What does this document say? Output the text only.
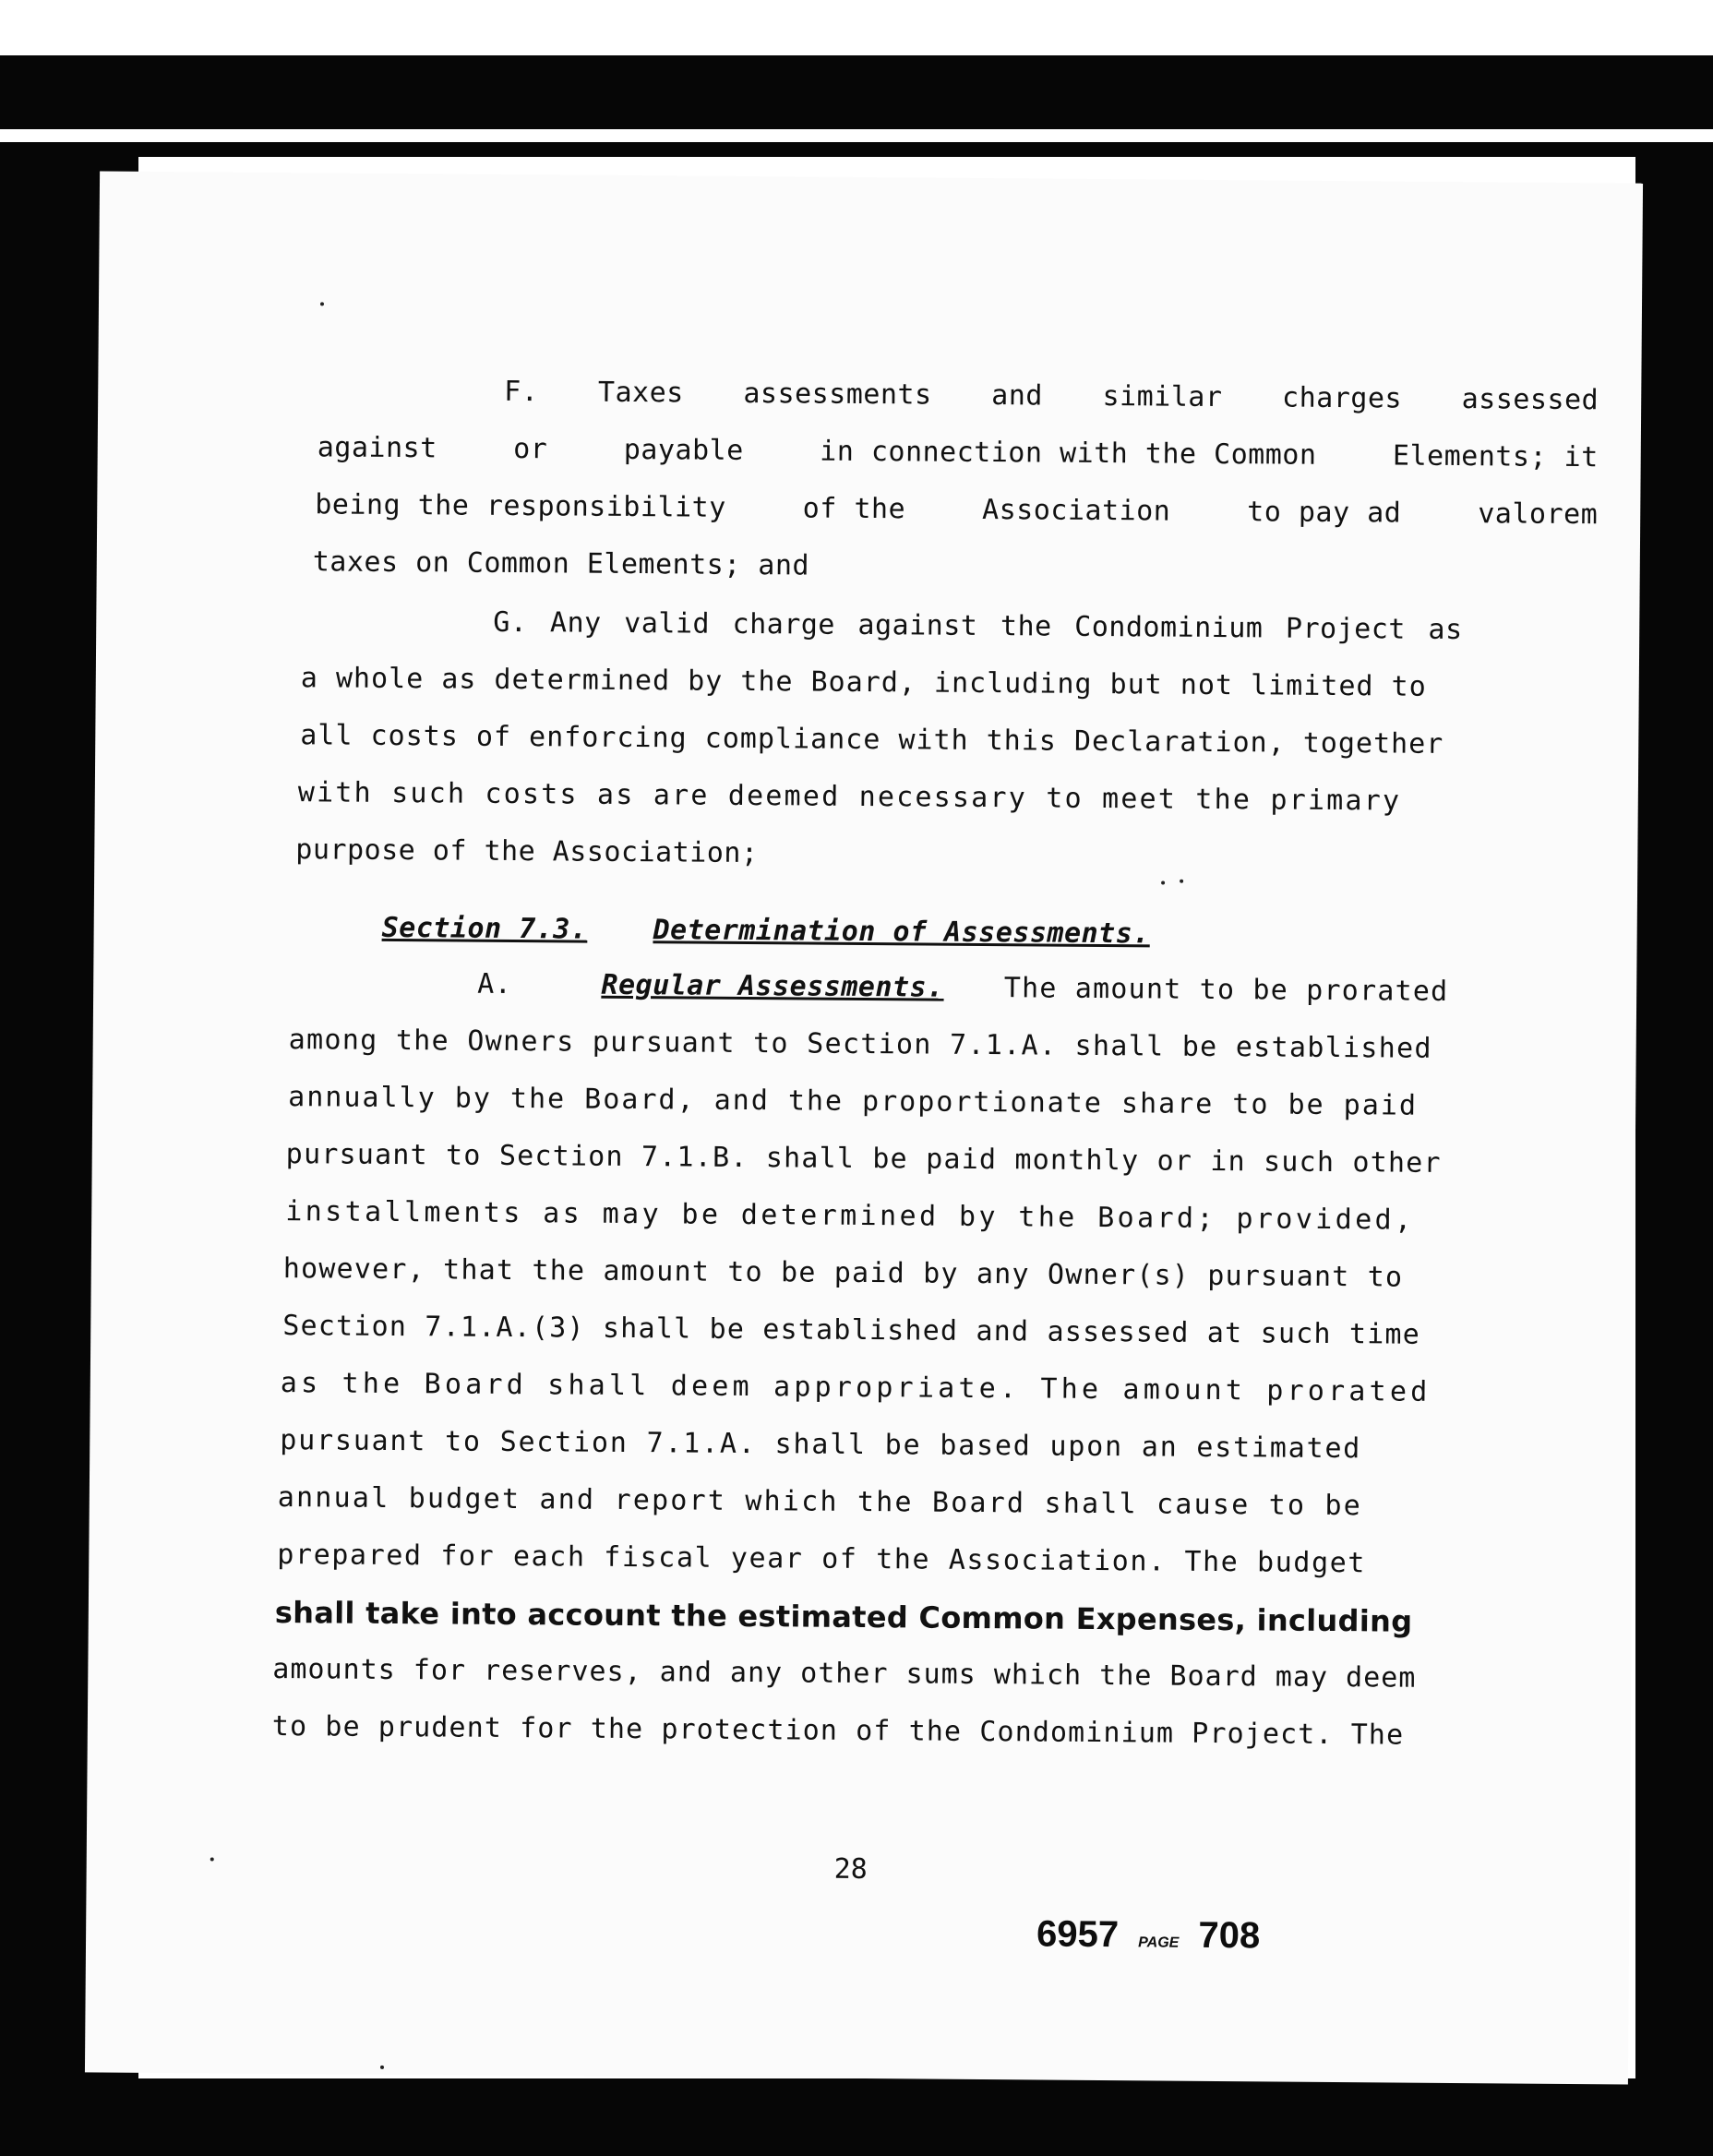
F. Taxes assessments and similar charges assessed
against	or	payable	in connection with the Common	Elements; it
being the responsibility	of the	Association	to pay ad	valorem
taxes on Common Elements; and
G. Any valid charge against the Condominium Project as
a whole as determined by the Board, including but not limited to
all costs of enforcing compliance with this Declaration, together
with such costs as are deemed necessary to meet the primary
purpose of the Association;
Section 7.3. Determination of Assessments.
A.	Regular Assessments. The amount to be prorated
among the Owners pursuant to Section 7.1.A. shall be established
annually by the Board, and the proportionate share to be paid
pursuant to Section 7.1.B. shall be paid monthly or in such other
installments as may be determined by the Board; provided,
however, that the amount to be paid by any Owner(s) pursuant to
Section 7.1.A.(3) shall be established and assessed at such time
as the Board shall deem appropriate. The amount prorated
pursuant to Section 7.1.A. shall be based upon an estimated
annual budget and report which the Board shall cause to be
prepared for each fiscal year of the Association. The budget
shall take into account the estimated Common Expenses, including
amounts for reserves, and any other sums which the Board may deem
to be prudent for the protection of the Condominium Project. The
28
6957 PAGE 708
